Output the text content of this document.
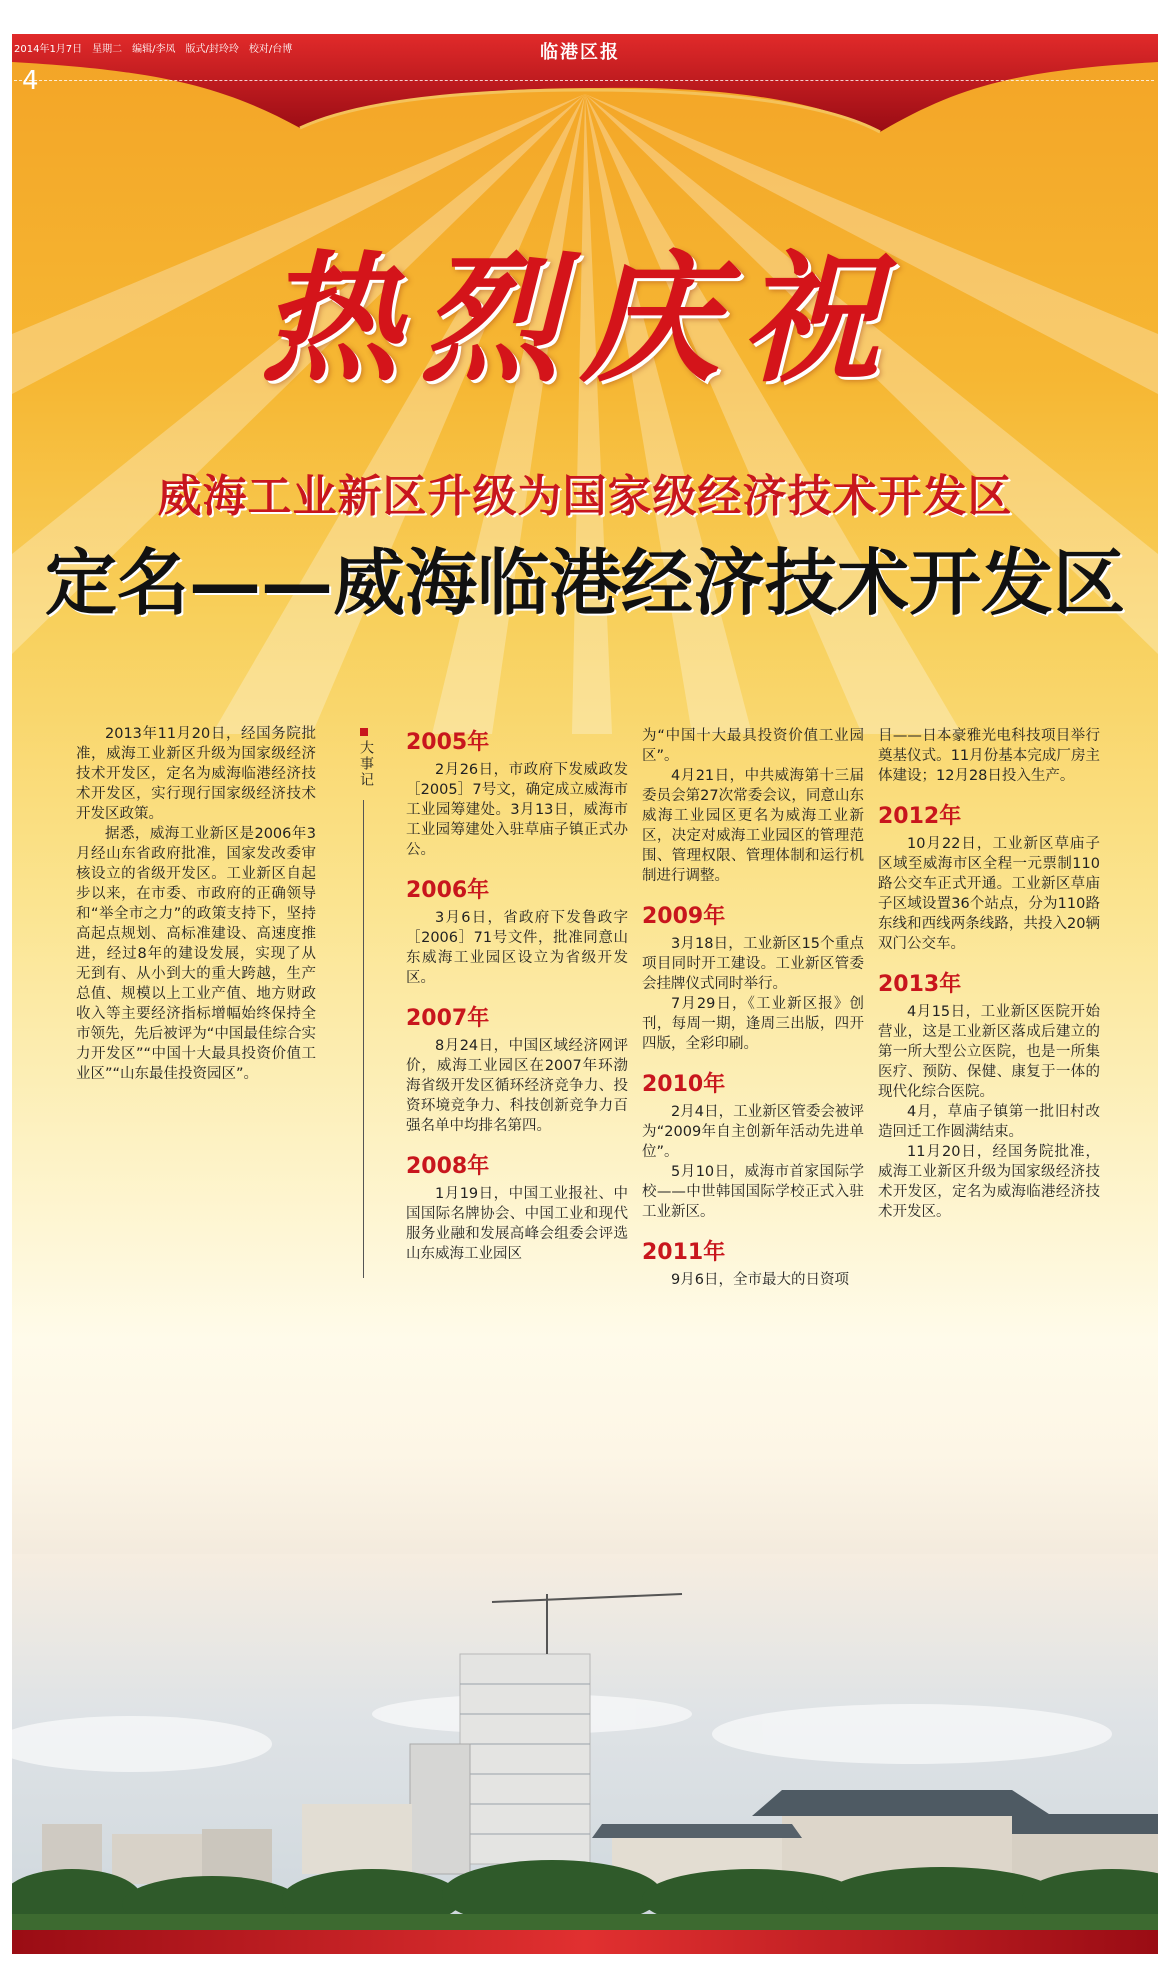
2014年1月7日　星期二　编辑/李凤　版式/封玲玲　校对/台博
4
临港区报
热烈庆祝
威海工业新区升级为国家级经济技术开发区
定名——威海临港经济技术开发区

2013年11月20日，经国务院批准，威海工业新区升级为国家级经济技术开发区，定名为威海临港经济技术开发区，实行现行国家级经济技术开发区政策。

据悉，威海工业新区是2006年3月经山东省政府批准，国家发改委审核设立的省级开发区。工业新区自起步以来，在市委、市政府的正确领导和“举全市之力”的政策支持下，坚持高起点规划、高标准建设、高速度推进，经过8年的建设发展，实现了从无到有、从小到大的重大跨越，生产总值、规模以上工业产值、地方财政收入等主要经济指标增幅始终保持全市领先，先后被评为“中国最佳综合实力开发区”“中国十大最具投资价值工业区”“山东最佳投资园区”。

大事记 2005年

2月26日，市政府下发威政发［2005］7号文，确定成立威海市工业园筹建处。3月13日，威海市工业园筹建处入驻草庙子镇正式办公。

2006年

3月6日，省政府下发鲁政字［2006］71号文件，批准同意山东威海工业园区设立为省级开发区。

2007年

8月24日，中国区域经济网评价，威海工业园区在2007年环渤海省级开发区循环经济竞争力、投资环境竞争力、科技创新竞争力百强名单中均排名第四。

2008年

1月19日，中国工业报社、中国国际名牌协会、中国工业和现代服务业融和发展高峰会组委会评选山东威海工业园区

为“中国十大最具投资价值工业园区”。

4月21日，中共威海第十三届委员会第27次常委会议，同意山东威海工业园区更名为威海工业新区，决定对威海工业园区的管理范围、管理权限、管理体制和运行机制进行调整。

2009年

3月18日，工业新区15个重点项目同时开工建设。工业新区管委会挂牌仪式同时举行。

7月29日，《工业新区报》创刊，每周一期，逢周三出版，四开四版，全彩印刷。

2010年

2月4日，工业新区管委会被评为“2009年自主创新年活动先进单位”。

5月10日，威海市首家国际学校——中世韩国国际学校正式入驻工业新区。

2011年

9月6日，全市最大的日资项

目——日本豪雅光电科技项目举行奠基仪式。11月份基本完成厂房主体建设；12月28日投入生产。

2012年

10月22日，工业新区草庙子区域至威海市区全程一元票制110路公交车正式开通。工业新区草庙子区域设置36个站点，分为110路东线和西线两条线路，共投入20辆双门公交车。

2013年

4月15日，工业新区医院开始营业，这是工业新区落成后建立的第一所大型公立医院，也是一所集医疗、预防、保健、康复于一体的现代化综合医院。

4月，草庙子镇第一批旧村改造回迁工作圆满结束。

11月20日，经国务院批准，威海工业新区升级为国家级经济技术开发区，定名为威海临港经济技术开发区。
